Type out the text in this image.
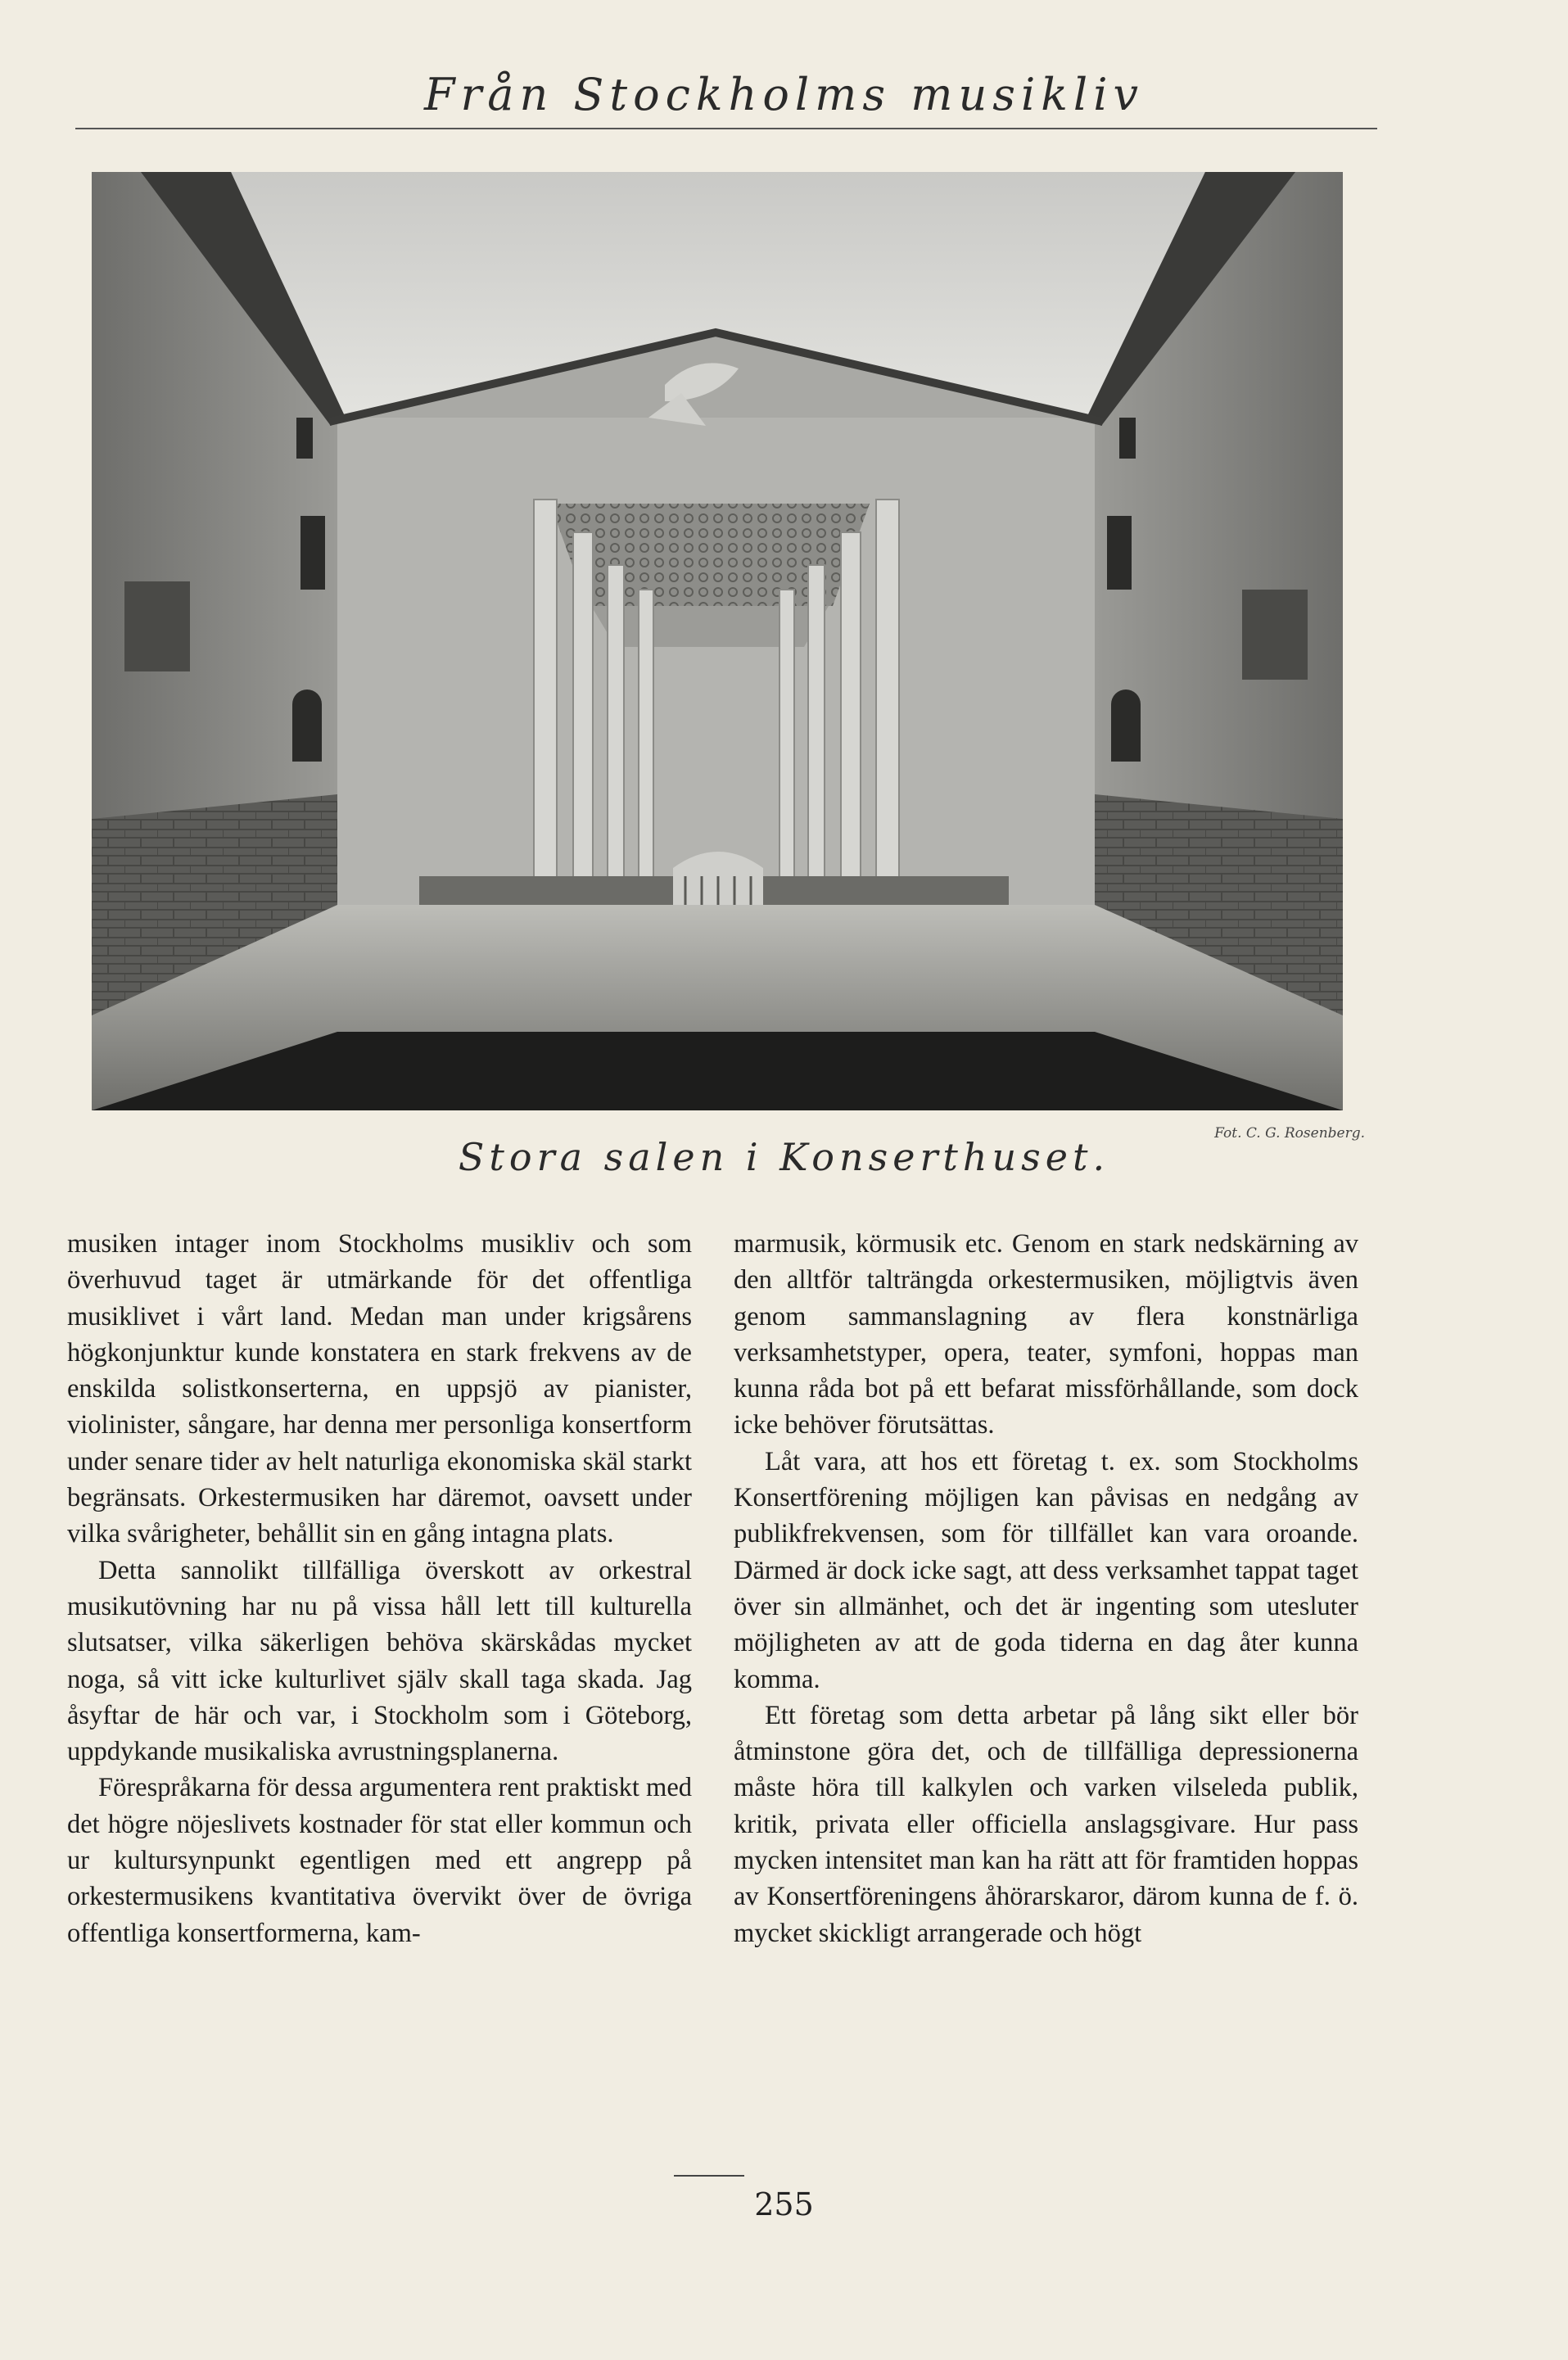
Från Stockholms musikliv
Fot. C. G. Rosenberg.
Stora salen i Konserthuset.

musiken intager inom Stockholms musikliv och som överhuvud taget är utmärkande för det offentliga musiklivet i vårt land. Medan man under krigsårens högkonjunktur kunde konstatera en stark frekvens av de enskilda solistkonserterna, en uppsjö av pianister, violinister, sångare, har denna mer personliga konsertform under senare tider av helt naturliga ekonomiska skäl starkt begränsats. Orkestermusiken har däremot, oavsett under vilka svårigheter, behållit sin en gång intagna plats.

Detta sannolikt tillfälliga överskott av orkestral musikutövning har nu på vissa håll lett till kulturella slutsatser, vilka säkerligen behöva skärskådas mycket noga, så vitt icke kulturlivet själv skall taga skada. Jag åsyftar de här och var, i Stockholm som i Göteborg, uppdykande musikaliska avrustningsplanerna.

Förespråkarna för dessa argumentera rent praktiskt med det högre nöjeslivets kostnader för stat eller kommun och ur kultursynpunkt egentligen med ett angrepp på orkestermusikens kvantitativa övervikt över de övriga offentliga konsertformerna, kam-

marmusik, körmusik etc. Genom en stark nedskärning av den alltför talträngda orkestermusiken, möjligtvis även genom sammanslagning av flera konstnärliga verksamhetstyper, opera, teater, symfoni, hoppas man kunna råda bot på ett befarat missförhållande, som dock icke behöver förutsättas.

Låt vara, att hos ett företag t. ex. som Stockholms Konsertförening möjligen kan påvisas en nedgång av publikfrekvensen, som för tillfället kan vara oroande. Därmed är dock icke sagt, att dess verksamhet tappat taget över sin allmänhet, och det är ingenting som utesluter möjligheten av att de goda tiderna en dag åter kunna komma.

Ett företag som detta arbetar på lång sikt eller bör åtminstone göra det, och de tillfälliga depressionerna måste höra till kalkylen och varken vilseleda publik, kritik, privata eller officiella anslagsgivare. Hur pass mycken intensitet man kan ha rätt att för framtiden hoppas av Konsertföreningens åhörarskaror, därom kunna de f. ö. mycket skickligt arrangerade och högt

255
